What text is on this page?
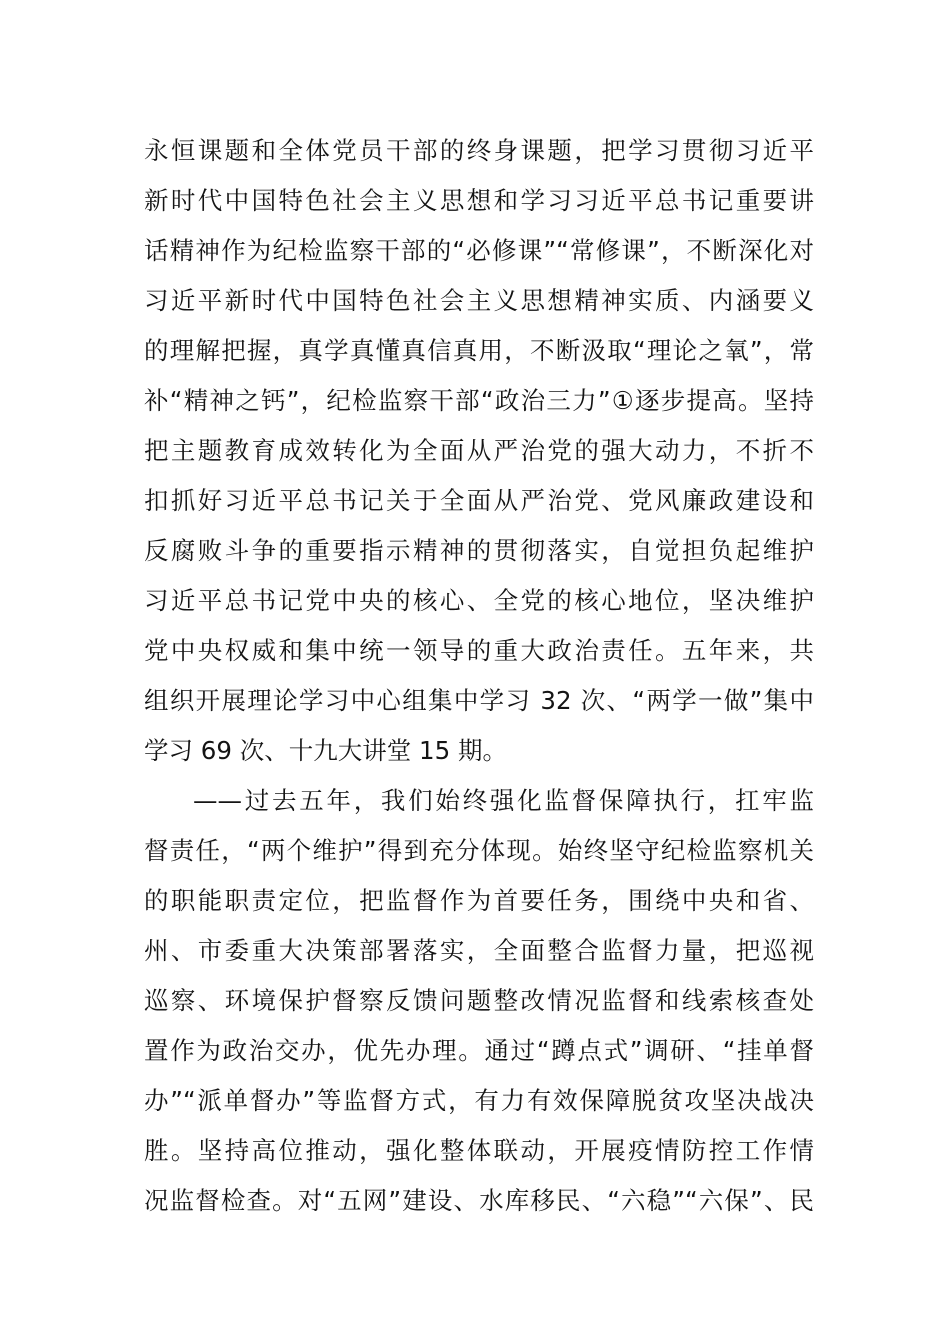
永恒课题和全体党员干部的终身课题，把学习贯彻习近平
新时代中国特色社会主义思想和学习习近平总书记重要讲
话精神作为纪检监察干部的“必修课”“常修课”，不断深化对
习近平新时代中国特色社会主义思想精神实质、内涵要义
的理解把握，真学真懂真信真用，不断汲取“理论之氧”，常
补“精神之钙”，纪检监察干部“政治三力”①逐步提高。坚持
把主题教育成效转化为全面从严治党的强大动力，不折不
扣抓好习近平总书记关于全面从严治党、党风廉政建设和
反腐败斗争的重要指示精神的贯彻落实，自觉担负起维护
习近平总书记党中央的核心、全党的核心地位，坚决维护
党中央权威和集中统一领导的重大政治责任。五年来，共
组织开展理论学习中心组集中学习 32 次、“两学一做”集中
学习 69 次、十九大讲堂 15 期。
——过去五年，我们始终强化监督保障执行，扛牢监
督责任，“两个维护”得到充分体现。始终坚守纪检监察机关
的职能职责定位，把监督作为首要任务，围绕中央和省、
州、市委重大决策部署落实，全面整合监督力量，把巡视
巡察、环境保护督察反馈问题整改情况监督和线索核查处
置作为政治交办，优先办理。通过“蹲点式”调研、“挂单督
办”“派单督办”等监督方式，有力有效保障脱贫攻坚决战决
胜。坚持高位推动，强化整体联动，开展疫情防控工作情
况监督检查。对“五网”建设、水库移民、“六稳”“六保”、民
